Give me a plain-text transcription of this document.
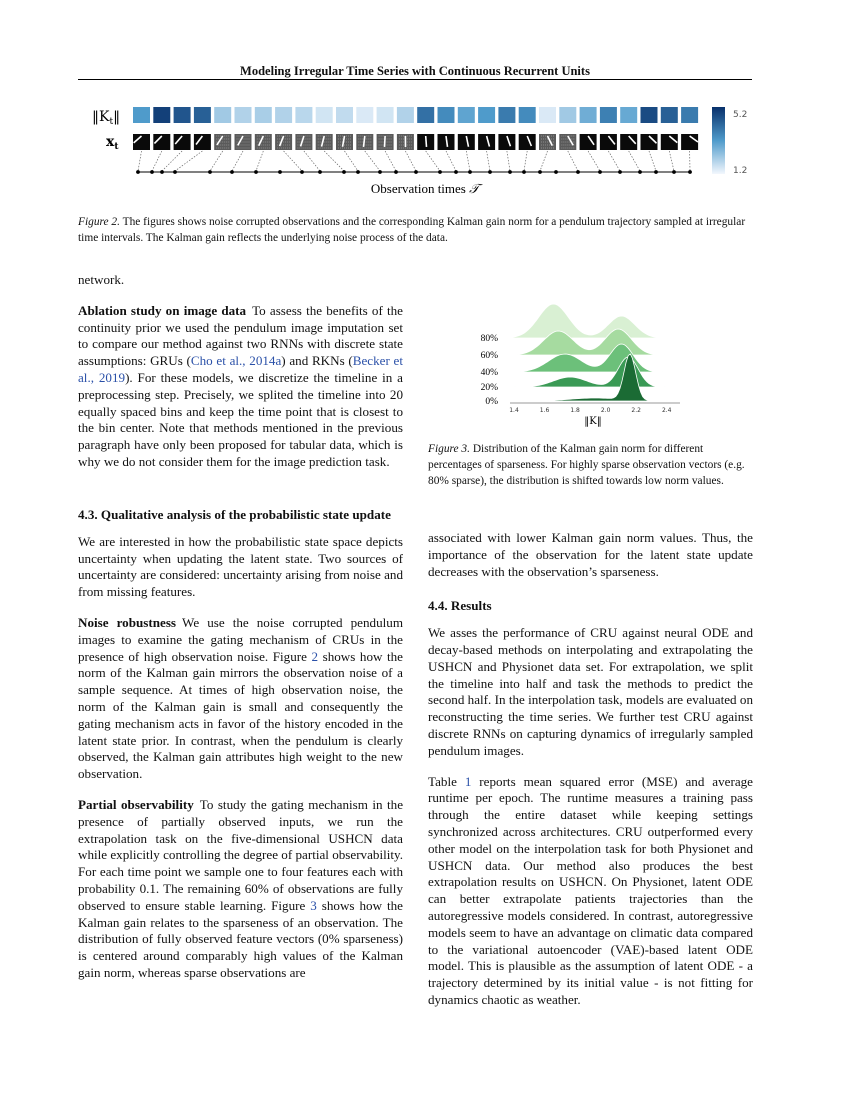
Modeling Irregular Time Series with Continuous Recurrent Units
$‖K_t‖$
$x_t$
Observation times 𝒯
5.2
1.2
Figure 2. The figures shows noise corrupted observations and the corresponding Kalman gain norm for a pendulum trajectory sampled at irregular time intervals. The Kalman gain reflects the underlying noise process of the data.
80%
60%
40%
20%
0%
1.4	1.6	1.8	2.0	2.2	2.4
‖K‖
Figure 3. Distribution of the Kalman gain norm for different percentages of sparseness. For highly sparse observation vectors (e.g. 80% sparse), the distribution is shifted towards low norm values.

network.

Ablation study on image data To assess the benefits of the continuity prior we used the pendulum image imputation set to compare our method against two RNNs with discrete state assumptions: GRUs (Cho et al., 2014a) and RKNs (Becker et al., 2019). For these models, we discretize the timeline in a preprocessing step. Precisely, we splited the timeline into 20 equally spaced bins and keep the time point that is closest to the bin center. Note that methods mentioned in the previous paragraph have only been proposed for tabular data, which is why we do not consider them for the image prediction task.

4.3. Qualitative analysis of the probabilistic state update

We are interested in how the probabilistic state space depicts uncertainty when updating the latent state. Two sources of uncertainty are considered: uncertainty arising from noise and from missing features.

Noise robustness We use the noise corrupted pendulum images to examine the gating mechanism of CRUs in the presence of high observation noise. Figure 2 shows how the norm of the Kalman gain mirrors the observation noise of a sample sequence. At times of high observation noise, the norm of the Kalman gain is small and consequently the gating mechanism acts in favor of the history encoded in the latent state prior. In contrast, when the pendulum is clearly observed, the Kalman gain attributes high weight to the new observation.

Partial observability To study the gating mechanism in the presence of partially observed inputs, we run the extrapolation task on the five-dimensional USHCN data while explicitly controlling the degree of partial observability. For each time point we sample one to four features each with probability 0.1. The remaining 60% of observations are fully observed to ensure stable learning. Figure 3 shows how the Kalman gain relates to the sparseness of an observation. The distribution of fully observed feature vectors (0% sparseness) is centered around comparably high values of the Kalman gain norm, whereas sparse observations are

associated with lower Kalman gain norm values. Thus, the importance of the observation for the latent state update decreases with the observation’s sparseness.

4.4. Results

We asses the performance of CRU against neural ODE and decay-based methods on interpolating and extrapolating the USHCN and Physionet data set. For extrapolation, we split the timeline into half and task the methods to predict the second half. In the interpolation task, models are evaluated on reconstructing the time series. We further test CRU against discrete RNNs on capturing dynamics of irregularly sampled pendulum images.

Table 1 reports mean squared error (MSE) and average runtime per epoch. The runtime measures a training pass through the entire dataset while keeping settings synchronized across architectures. CRU outperformed every other model on the interpolation task for both Physionet and USHCN data. Our method also produces the best extrapolation results on USHCN. On Physionet, latent ODE can better extrapolate patients trajectories than the autoregressive models considered. In contrast, autoregressive models seem to have an advantage on climatic data compared to the variational autoencoder (VAE)-based latent ODE model. This is plausible as the assumption of latent ODE - a trajectory determined by its initial value - is not fitting for dynamics chaotic as weather.
